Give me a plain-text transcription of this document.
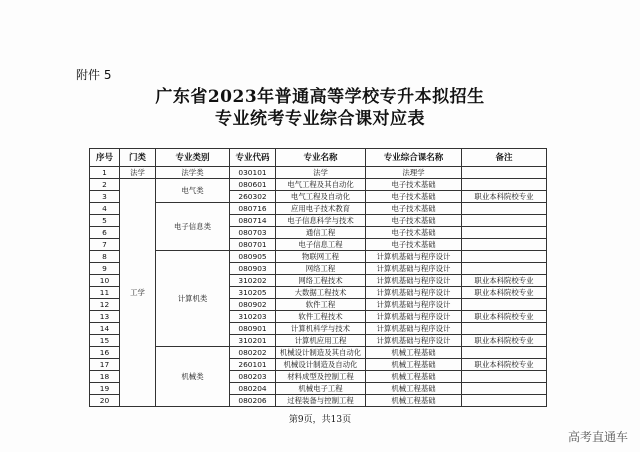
附件 5
广东省2023年普通高等学校专升本拟招生
专业统考专业综合课对应表
序号	门类	专业类别	专业代码	专业名称	专业综合课名称	备注
1	法学	法学类	030101	法学	法理学	
2	工学	电气类	080601	电气工程及其自动化	电子技术基础	
3			260302	电气工程及自动化	电子技术基础	职业本科院校专业
4		电子信息类	080716	应用电子技术教育	电子技术基础	
5			080714	电子信息科学与技术	电子技术基础	
6			080703	通信工程	电子技术基础	
7			080701	电子信息工程	电子技术基础	
8		计算机类	080905	物联网工程	计算机基础与程序设计	
9			080903	网络工程	计算机基础与程序设计	
10			310202	网络工程技术	计算机基础与程序设计	职业本科院校专业
11			310205	大数据工程技术	计算机基础与程序设计	职业本科院校专业
12			080902	软件工程	计算机基础与程序设计	
13			310203	软件工程技术	计算机基础与程序设计	职业本科院校专业
14			080901	计算机科学与技术	计算机基础与程序设计	
15			310201	计算机应用工程	计算机基础与程序设计	职业本科院校专业
16		机械类	080202	机械设计制造及其自动化	机械工程基础	
17			260101	机械设计制造及自动化	机械工程基础	职业本科院校专业
18			080203	材料成型及控制工程	机械工程基础	
19			080204	机械电子工程	机械工程基础	
20			080206	过程装备与控制工程	机械工程基础	
第9页，共13页
高考直通车
